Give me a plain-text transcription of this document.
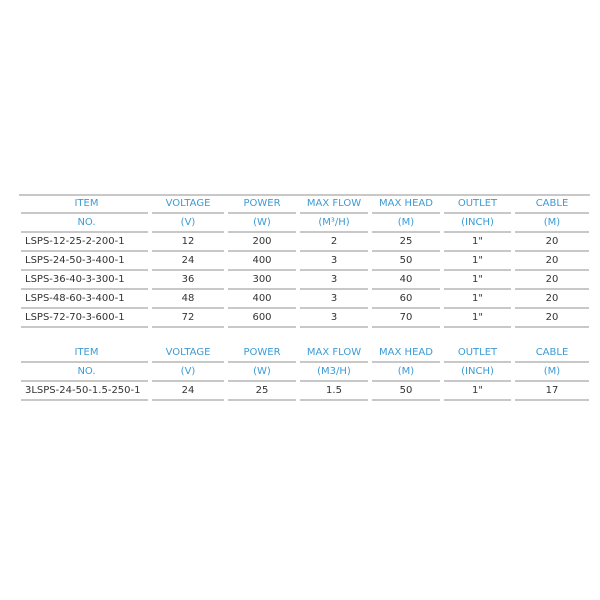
ITEM	VOLTAGE	POWER	MAX FLOW	MAX HEAD	OUTLET	CABLE
NO.	(V)	(W)	(M³/H)	(M)	(INCH)	(M)
LSPS-12-25-2-200-1	12	200	2	25	1"	20
LSPS-24-50-3-400-1	24	400	3	50	1"	20
LSPS-36-40-3-300-1	36	300	3	40	1"	20
LSPS-48-60-3-400-1	48	400	3	60	1"	20
LSPS-72-70-3-600-1	72	600	3	70	1"	20
ITEM	VOLTAGE	POWER	MAX FLOW	MAX HEAD	OUTLET	CABLE
NO.	(V)	(W)	(M3/H)	(M)	(INCH)	(M)
3LSPS-24-50-1.5-250-1	24	25	1.5	50	1"	17
